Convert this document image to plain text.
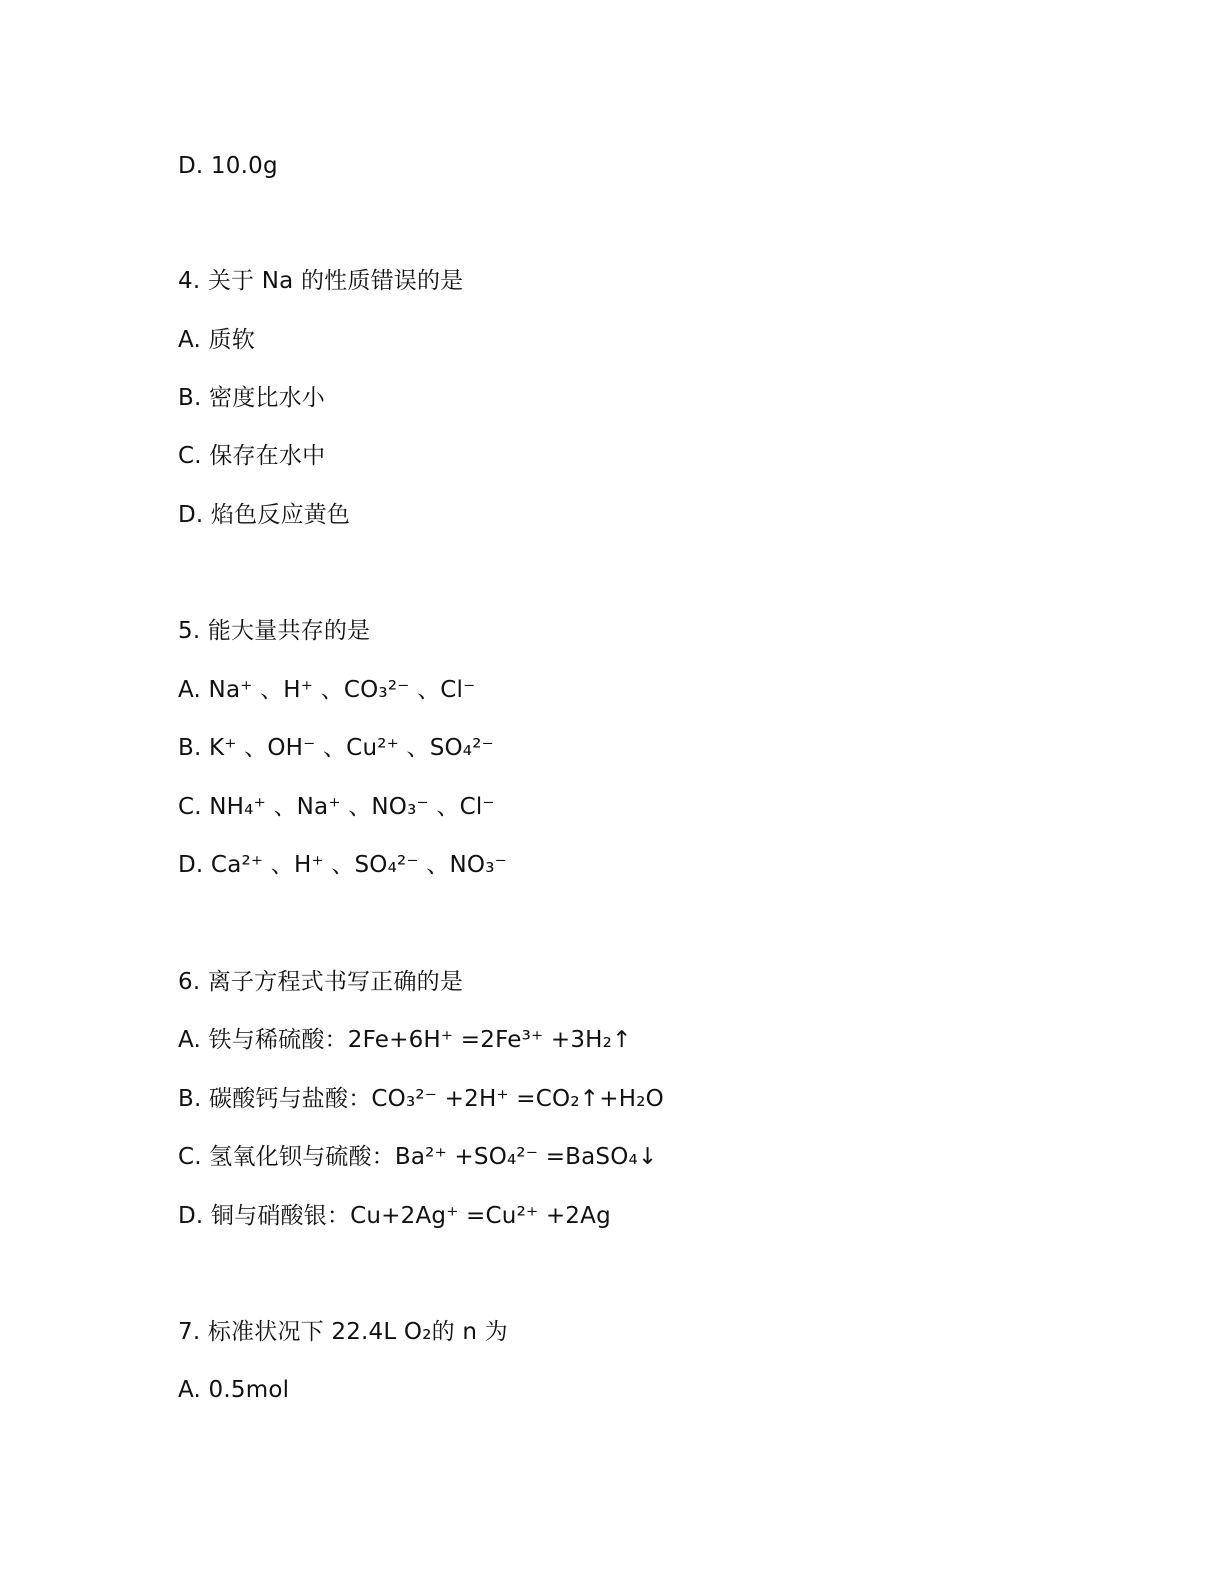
D. 10.0g
4. 关于 Na 的性质错误的是
A. 质软
B. 密度比水小
C. 保存在水中
D. 焰色反应黄色
5. 能大量共存的是
A. Na⁺ 、H⁺ 、CO₃²⁻ 、Cl⁻
B. K⁺ 、OH⁻ 、Cu²⁺ 、SO₄²⁻
C. NH₄⁺ 、Na⁺ 、NO₃⁻ 、Cl⁻
D. Ca²⁺ 、H⁺ 、SO₄²⁻ 、NO₃⁻
6. 离子方程式书写正确的是
A. 铁与稀硫酸：2Fe+6H⁺ =2Fe³⁺ +3H₂↑
B. 碳酸钙与盐酸：CO₃²⁻ +2H⁺ =CO₂↑+H₂O
C. 氢氧化钡与硫酸：Ba²⁺ +SO₄²⁻ =BaSO₄↓
D. 铜与硝酸银：Cu+2Ag⁺ =Cu²⁺ +2Ag
7. 标准状况下 22.4L O₂的 n 为
A. 0.5mol
